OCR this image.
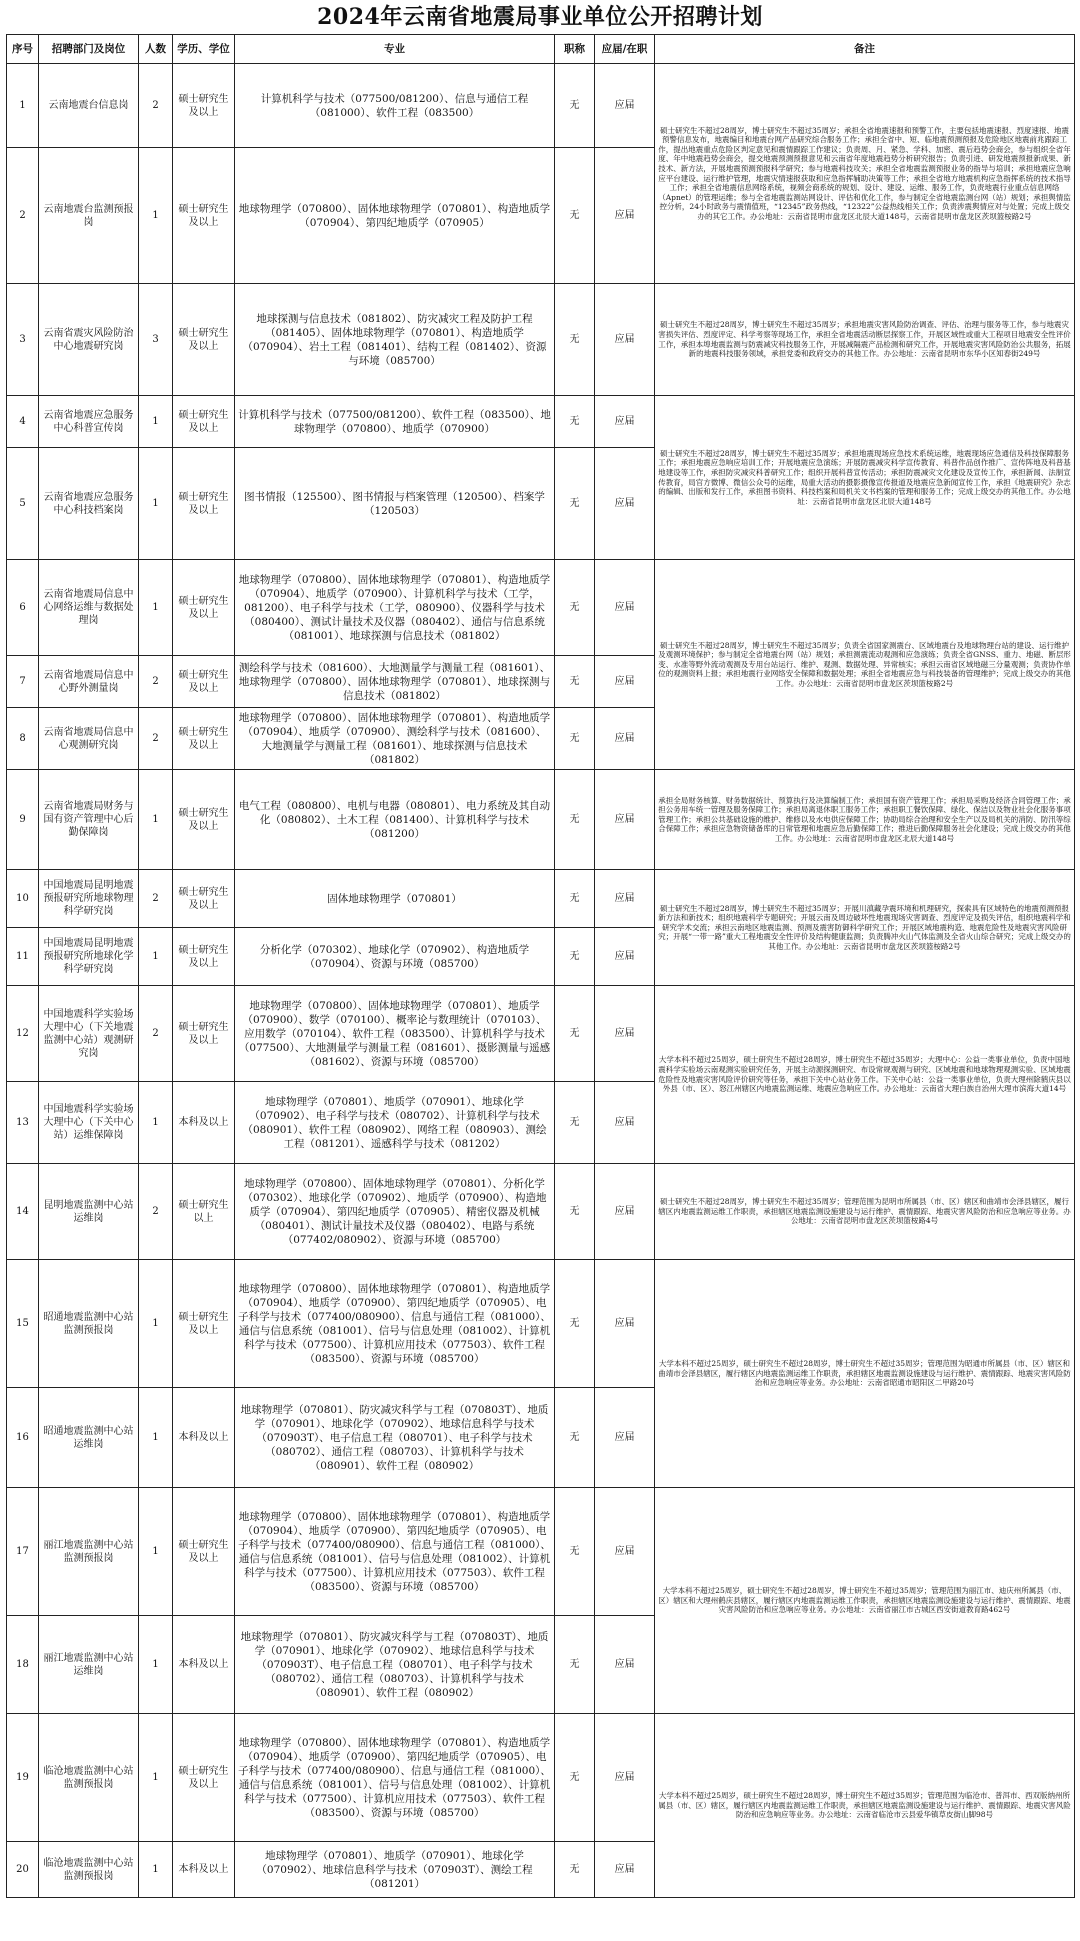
2024年云南省地震局事业单位公开招聘计划
序号	招聘部门及岗位	人数	学历、学位	专业	职称	应届/在职	备注
1	云南地震台信息岗	2	硕士研究生及以上	计算机科学与技术（077500/081200）、信息与通信工程（081000）、软件工程（083500）	无	应届	硕士研究生不超过28周岁，博士研究生不超过35周岁；承担全省地震速报和预警工作，主要包括地震速报、烈度速报、地震预警信息发布，地震编目和地震台网产品研究综合服务工作；承担全省中、短、临地震预测预报及危险地区地震前兆跟踪工作，提出地震重点危险区判定意见和震情跟踪工作建议；负责周、月、紧急、学科、加密、震后趋势会商会，参与组织全省年度、年中地震趋势会商会，提交地震预测预报意见和云南省年度地震趋势分析研究报告；负责引进、研发地震预报新成果、新技术、新方法，开展地震预测预报科学研究；参与地震科技攻关；承担全省地震监测预报业务的指导与培训；承担地震应急响应平台建设、运行维护管理，地震灾情速报获取和应急指挥辅助决策等工作；承担全省地方地震机构应急指挥系统的技术指导工作；承担全省地震信息网络系统，视频会商系统的规划、设计、建设、运维、服务工作，负责地震行业重点信息网络（Apnet）的管理运维；参与全省地震监测站网设计、评估和优化工作，参与制定全省地震监测台网（站）规划；承担舆情监控分析，24小时政务与震情值班，“12345”政务热线，“12322”公益热线相关工作；负责涉震舆情应对与处置；完成上级交办的其它工作。办公地址：云南省昆明市盘龙区北辰大道148号，云南省昆明市盘龙区茨坝篮桉路2号

2	云南地震台监测预报岗	1	硕士研究生及以上	地球物理学（070800）、固体地球物理学（070801）、构造地质学（070904）、第四纪地质学（070905）	无	应届	
3	云南省震灾风险防治中心地震研究岗	3	硕士研究生及以上	地球探测与信息技术（081802）、防灾减灾工程及防护工程（081405）、固体地球物理学（070801）、构造地质学（070904）、岩土工程（081401）、结构工程（081402）、资源与环境（085700）	无	应届	硕士研究生不超过28周岁，博士研究生不超过35周岁；承担地震灾害风险防治调查、评估、治理与服务等工作，参与地震灾害损失评估、烈度评定、科学考察等现场工作，承担全省地震活动断层探察工作，开展区域性或重大工程项目地震安全性评价工作，承担本埠地震监测与防震减灾科技服务工作，开展减隔震产品检测和研究工作，开展地震灾害风险防治公共服务，拓展新的地震科技服务领域，承担党委和政府交办的其他工作。办公地址：云南省昆明市东华小区知春街249号

4	云南省地震应急服务中心科普宣传岗	1	硕士研究生及以上	计算机科学与技术（077500/081200）、软件工程（083500）、地球物理学（070800）、地质学（070900）	无	应届	硕士研究生不超过28周岁，博士研究生不超过35周岁；承担地震现场应急技术系统运维，地震现场应急通信及科技保障服务工作；承担地震应急响应培训工作；开展地震应急演练；开展防震减灾科学宣传教育、科普作品创作推广、宣传阵地及科普基地建设等工作，承担防灾减灾科普研究工作；组织开展科普宣传活动；承担防震减灾文化建设及宣传工作，承担新闻、法制宣传教育，局官方微博、微信公众号的运维，局重大活动的摄影摄像宣传报道及地震应急新闻宣传工作，承担《地震研究》杂志的编辑、出版和发行工作，承担图书资料、科技档案和局机关文书档案的管理和服务工作；完成上级交办的其他工作。办公地址：云南省昆明市盘龙区北辰大道148号

5	云南省地震应急服务中心科技档案岗	1	硕士研究生及以上	图书情报（125500）、图书情报与档案管理（120500）、档案学（120503）	无	应届	
6	云南省地震局信息中心网络运维与数据处理岗	1	硕士研究生及以上	地球物理学（070800）、固体地球物理学（070801）、构造地质学（070904）、地质学（070900）、计算机科学与技术（工学，081200）、电子科学与技术（工学，080900）、仪器科学与技术（080400）、测试计量技术及仪器（080402）、通信与信息系统（081001）、地球探测与信息技术（081802）	无	应届	硕士研究生不超过28周岁，博士研究生不超过35周岁；负责全省国家测震台、区域地震台及地球物理台站的建设、运行维护及观测环境保护；参与制定全省地震台网（站）规划；承担测震流动观测和应急演练；负责全省GNSS、重力、地磁、断层形变、水准等野外流动观测及专用台站运行、维护、观测、数据处理、异常核实；承担云南省区域地磁三分量观测；负责协作单位的观测资料上报；承担地震行业网络安全保障和数据处理；承担全省地震应急与科技装备的管理维护；完成上级交办的其他工作。办公地址：云南省昆明市盘龙区茨坝篮桉路2号

7	云南省地震局信息中心野外测量岗	2	硕士研究生及以上	测绘科学与技术（081600）、大地测量学与测量工程（081601）、地球物理学（070800）、固体地球物理学（070801）、地球探测与信息技术（081802）	无	应届	
8	云南省地震局信息中心观测研究岗	2	硕士研究生及以上	地球物理学（070800）、固体地球物理学（070801）、构造地质学（070904）、地质学（070900）、测绘科学与技术（081600）、大地测量学与测量工程（081601）、地球探测与信息技术（081802）	无	应届	
9	云南省地震局财务与国有资产管理中心后勤保障岗	1	硕士研究生及以上	电气工程（080800）、电机与电器（080801）、电力系统及其自动化（080802）、土木工程（081400）、计算机科学与技术（081200）	无	应届	承担全局财务核算、财务数据统计、预算执行及决算编制工作；承担国有资产管理工作；承担局采购及经济合同管理工作；承担公务用车统一管理及服务保障工作；承担局离退休职工服务工作；承担职工餐饮保障、绿化、保洁以及物业社会化服务事项管理工作；承担公共基础设施的维护、维修以及水电供应保障工作；协助局综合治理和安全生产以及局机关的消防、防汛等综合保障工作；承担应急物资储备库的日常管理和地震应急后勤保障工作；推进后勤保障服务社会化建设；完成上级交办的其他工作。办公地址：云南省昆明市盘龙区北辰大道148号

10	中国地震局昆明地震预报研究所地球物理科学研究岗	2	硕士研究生及以上	固体地球物理学（070801）	无	应届	硕士研究生不超过28周岁，博士研究生不超过35周岁；开展川滇藏孕震环境和机理研究，探索具有区域特色的地震预测预报新方法和新技术；组织地震科学专题研究；开展云南及周边破坏性地震现场灾害调查、烈度评定及损失评估，组织地震科学和研究学术交流；承担云南地区地震监测、预测及震害防御科学研究工作；开展区域地震构造、地震危险性及地震灾害风险研究；开展“一带一路”重大工程地震安全性评价及结构健康监测；负责腾冲火山气体监测及全省火山综合研究；完成上级交办的其他工作。办公地址：云南省昆明市盘龙区茨坝篮桉路2号

11	中国地震局昆明地震预报研究所地球化学科学研究岗	1	硕士研究生及以上	分析化学（070302）、地球化学（070902）、构造地质学（070904）、资源与环境（085700）	无	应届	
12	中国地震科学实验场大理中心（下关地震监测中心站）观测研究岗	2	硕士研究生及以上	地球物理学（070800）、固体地球物理学（070801）、地质学（070900）、数学（070100）、概率论与数理统计（070103）、应用数学（070104）、软件工程（083500）、计算机科学与技术（077500）、大地测量学与测量工程（081601）、摄影测量与遥感（081602）、资源与环境（085700）	无	应届	大学本科不超过25周岁，硕士研究生不超过28周岁，博士研究生不超过35周岁；大理中心：公益一类事业单位，负责中国地震科学实验场云南观测实验研究任务，开展主动源探测研究、布设常规观测与研究、区域地震和地球物理观测实验、区域地震危险性及地震灾害风险评价研究等任务，承担下关中心站业务工作。下关中心站：公益一类事业单位，负责大理州除鹤庆县以外县（市、区）、怒江州辖区内地震监测运维、地震应急响应工作。办公地址：云南省大理白族自治州大理市滨海大道14号

13	中国地震科学实验场大理中心（下关中心站）运维保障岗	1	本科及以上	地球物理学（070801）、地质学（070901）、地球化学（070902）、电子科学与技术（080702）、计算机科学与技术（080901）、软件工程（080902）、网络工程（080903）、测绘工程（081201）、遥感科学与技术（081202）	无	应届	
14	昆明地震监测中心站运维岗	2	硕士研究生以上	地球物理学（070800）、固体地球物理学（070801）、分析化学（070302）、地球化学（070902）、地质学（070900）、构造地质学（070904）、第四纪地质学（070905）、精密仪器及机械（080401）、测试计量技术及仪器（080402）、电路与系统（077402/080902）、资源与环境（085700）	无	应届	硕士研究生不超过28周岁，博士研究生不超过35周岁；管理范围为昆明市所属县（市、区）辖区和曲靖市会泽县辖区，履行辖区内地震监测运维工作职责，承担辖区地震监测设施建设与运行维护、震情跟踪、地震灾害风险防治和应急响应等业务。办公地址：云南省昆明市盘龙区茨坝篮桉路4号

15	昭通地震监测中心站监测预报岗	1	硕士研究生及以上	地球物理学（070800）、固体地球物理学（070801）、构造地质学（070904）、地质学（070900）、第四纪地质学（070905）、电子科学与技术（077400/080900）、信息与通信工程（081000）、通信与信息系统（081001）、信号与信息处理（081002）、计算机科学与技术（077500）、计算机应用技术（077503）、软件工程（083500）、资源与环境（085700）	无	应届	大学本科不超过25周岁，硕士研究生不超过28周岁，博士研究生不超过35周岁；管理范围为昭通市所属县（市、区）辖区和曲靖市会泽县辖区，履行辖区内地震监测运维工作职责，承担辖区地震监测设施建设与运行维护、震情跟踪、地震灾害风险防治和应急响应等业务。办公地址：云南省昭通市昭阳区二甲路20号

16	昭通地震监测中心站运维岗	1	本科及以上	地球物理学（070801）、防灾减灾科学与工程（070803T）、地质学（070901）、地球化学（070902）、地球信息科学与技术（070903T）、电子信息工程（080701）、电子科学与技术（080702）、通信工程（080703）、计算机科学与技术（080901）、软件工程（080902）	无	应届	
17	丽江地震监测中心站监测预报岗	1	硕士研究生及以上	地球物理学（070800）、固体地球物理学（070801）、构造地质学（070904）、地质学（070900）、第四纪地质学（070905）、电子科学与技术（077400/080900）、信息与通信工程（081000）、通信与信息系统（081001）、信号与信息处理（081002）、计算机科学与技术（077500）、计算机应用技术（077503）、软件工程（083500）、资源与环境（085700）	无	应届	大学本科不超过25周岁，硕士研究生不超过28周岁，博士研究生不超过35周岁；管理范围为丽江市、迪庆州所属县（市、区）辖区和大理州鹤庆县辖区，履行辖区内地震监测运维工作职责，承担辖区地震监测设施建设与运行维护、震情跟踪、地震灾害风险防治和应急响应等业务。办公地址：云南省丽江市古城区西安街道教育路462号

18	丽江地震监测中心站运维岗	1	本科及以上	地球物理学（070801）、防灾减灾科学与工程（070803T）、地质学（070901）、地球化学（070902）、地球信息科学与技术（070903T）、电子信息工程（080701）、电子科学与技术（080702）、通信工程（080703）、计算机科学与技术（080901）、软件工程（080902）	无	应届	
19	临沧地震监测中心站监测预报岗	1	硕士研究生及以上	地球物理学（070800）、固体地球物理学（070801）、构造地质学（070904）、地质学（070900）、第四纪地质学（070905）、电子科学与技术（077400/080900）、信息与通信工程（081000）、通信与信息系统（081001）、信号与信息处理（081002）、计算机科学与技术（077500）、计算机应用技术（077503）、软件工程（083500）、资源与环境（085700）	无	应届	大学本科不超过25周岁，硕士研究生不超过28周岁，博士研究生不超过35周岁；管理范围为临沧市、普洱市、西双版纳州所属县（市、区）辖区，履行辖区内地震监测运维工作职责，承担辖区地震监测设施建设与运行维护、震情跟踪、地震灾害风险防治和应急响应等业务。办公地址：云南省临沧市云县爱华镇草皮街山脚98号

20	临沧地震监测中心站监测预报岗	1	本科及以上	地球物理学（070801）、地质学（070901）、地球化学（070902）、地球信息科学与技术（070903T）、测绘工程（081201）	无	应届	
